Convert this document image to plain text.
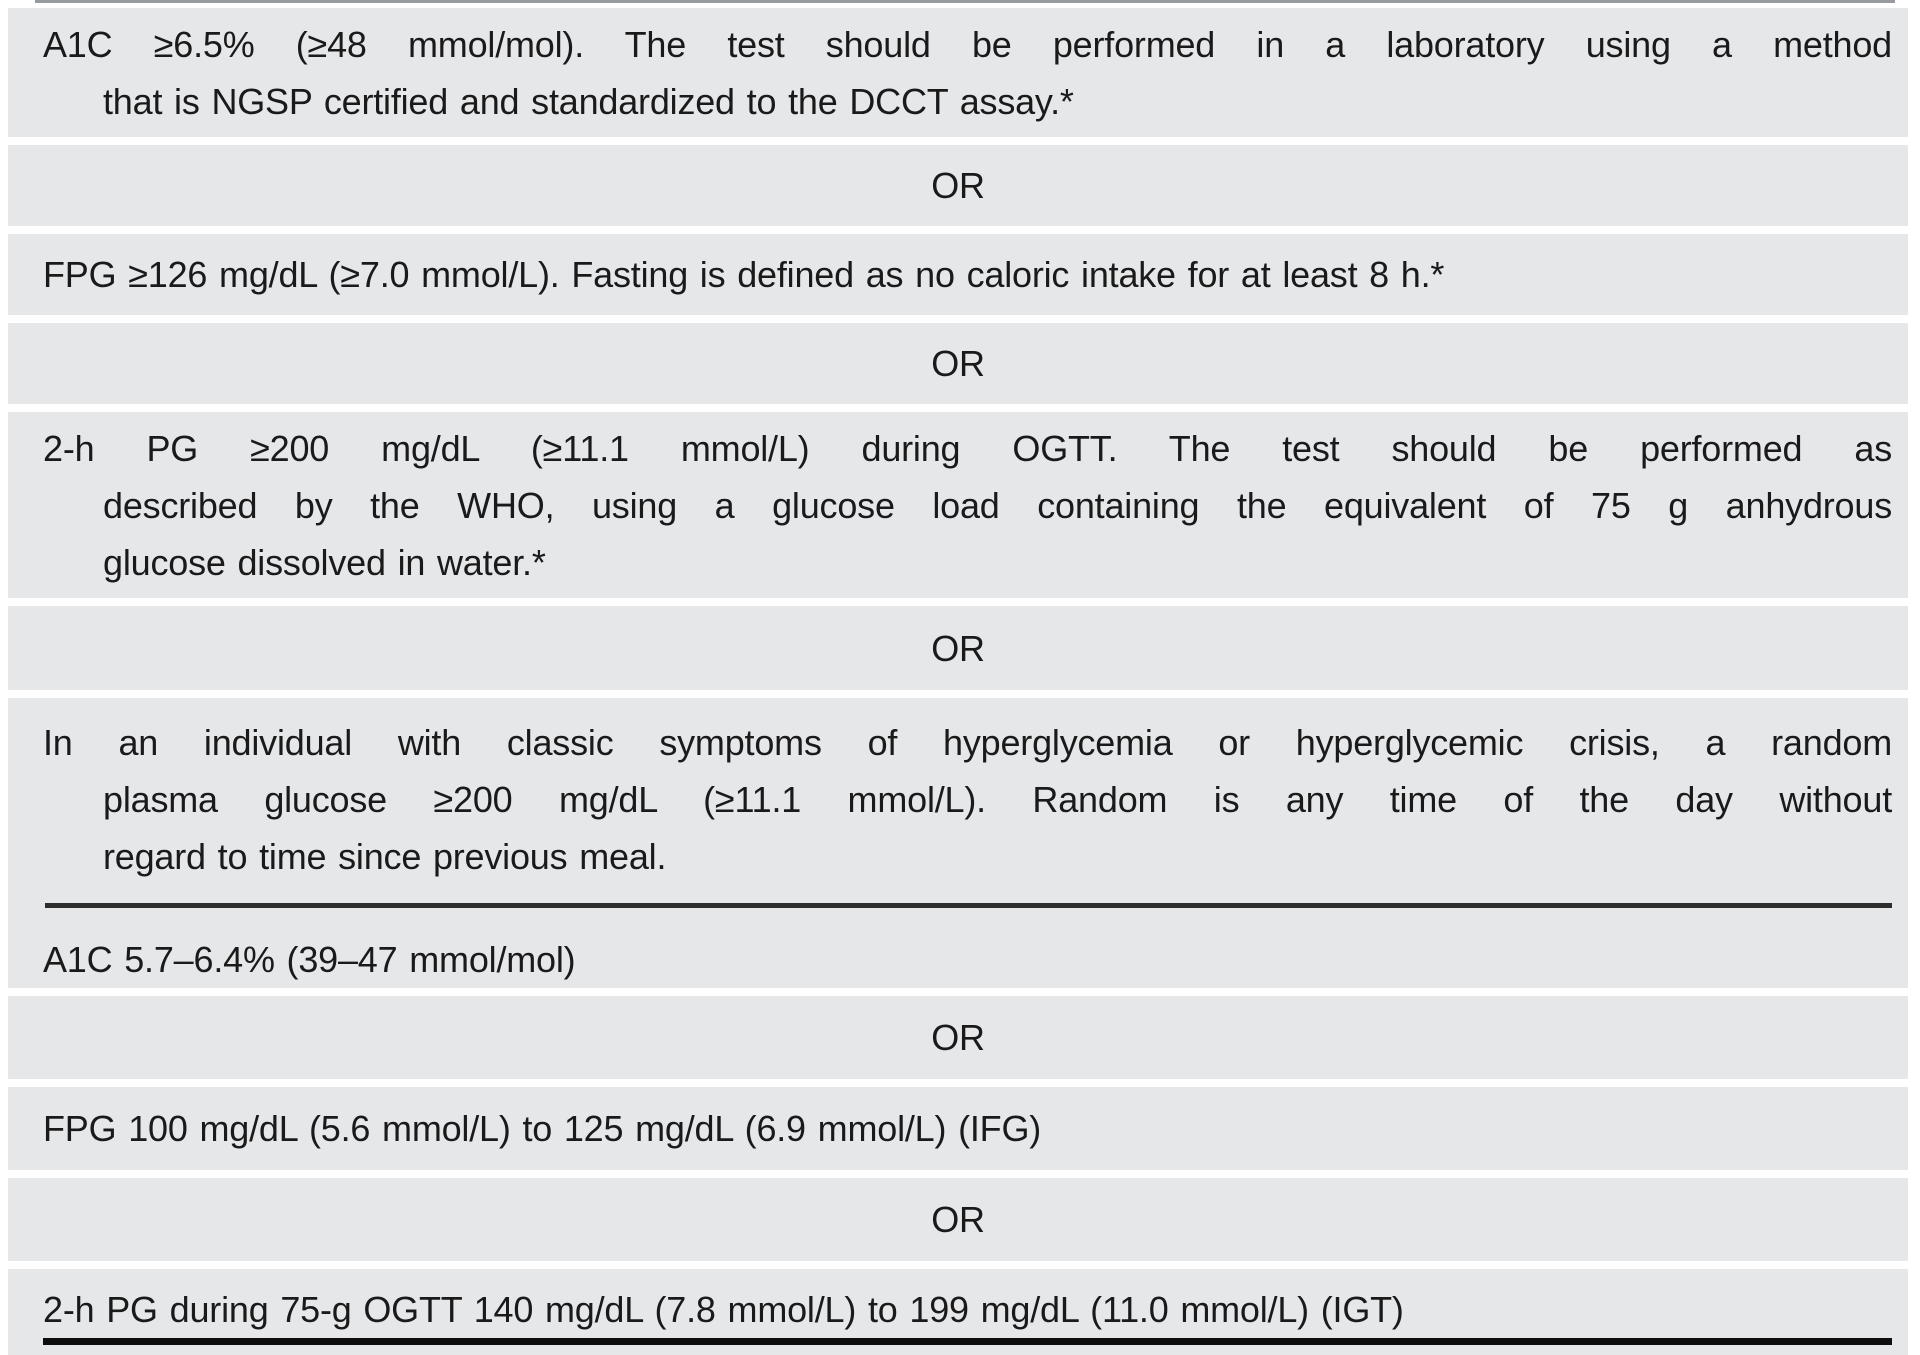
A1C ≥6.5% (≥48 mmol/mol). The test should be performed in a laboratory using a method
that is NGSP certified and standardized to the DCCT assay.*
OR
FPG ≥126 mg/dL (≥7.0 mmol/L). Fasting is defined as no caloric intake for at least 8 h.*
OR
2-h PG ≥200 mg/dL (≥11.1 mmol/L) during OGTT. The test should be performed as
described by the WHO, using a glucose load containing the equivalent of 75 g anhydrous
glucose dissolved in water.*
OR
In an individual with classic symptoms of hyperglycemia or hyperglycemic crisis, a random
plasma glucose ≥200 mg/dL (≥11.1 mmol/L). Random is any time of the day without
regard to time since previous meal.
A1C 5.7–6.4% (39–47 mmol/mol)
OR
FPG 100 mg/dL (5.6 mmol/L) to 125 mg/dL (6.9 mmol/L) (IFG)
OR
2-h PG during 75-g OGTT 140 mg/dL (7.8 mmol/L) to 199 mg/dL (11.0 mmol/L) (IGT)
